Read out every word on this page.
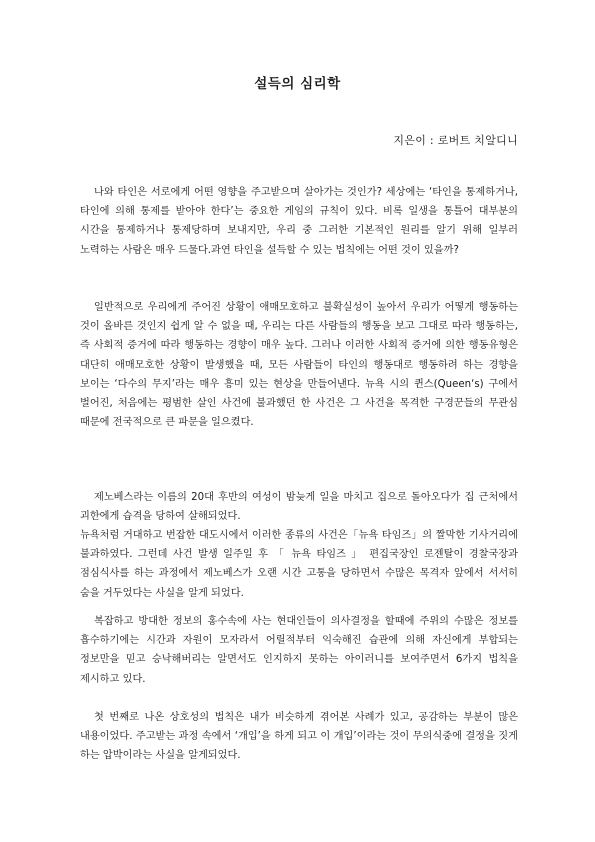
설득의 심리학
지은이 : 로버트 치알디니

나와 타인은 서로에게 어떤 영향을 주고받으며 살아가는 것인가? 세상에는 ‘타인을 통제하거나, 타인에 의해 통제를 받아야 한다’는 중요한 게임의 규칙이 있다. 비록 일생을 통틀어 대부분의 시간을 통제하거나 통제당하며 보내지만, 우리 중 그러한 기본적인 원리를 알기 위해 일부러 노력하는 사람은 매우 드물다.과연 타인을 설득할 수 있는 법칙에는 어떤 것이 있을까?

일반적으로 우리에게 주어진 상황이 애매모호하고 불확실성이 높아서 우리가 어떻게 행동하는 것이 올바른 것인지 쉽게 알 수 없을 때, 우리는 다른 사람들의 행동을 보고 그대로 따라 행동하는, 즉 사회적 증거에 따라 행동하는 경향이 매우 높다. 그러나 이러한 사회적 증거에 의한 행동유형은 대단히 애매모호한 상황이 발생했을 때, 모든 사람들이 타인의 행동대로 행동하려 하는 경향을 보이는 ‘다수의 무지’라는 매우 흥미 있는 현상을 만들어낸다. 뉴욕 시의 퀸스(Queen‘s) 구에서 벌어진, 처음에는 평범한 살인 사건에 불과했던 한 사건은 그 사건을 목격한 구경꾼들의 무관심 때문에 전국적으로 큰 파문을 일으켰다.

제노베스라는 이름의 20대 후반의 여성이 밤늦게 일을 마치고 집으로 돌아오다가 집 근처에서 괴한에게 습격을 당하여 살해되었다.

뉴욕처럼 거대하고 번잡한 대도시에서 이러한 종류의 사건은「뉴욕 타임즈」의 짤막한 기사거리에 불과하였다. 그런데 사건 발생 일주일 후 「 뉴욕 타임즈 」 편집국장인 로젠탈이 경찰국장과 점심식사를 하는 과정에서 제노베스가 오랜 시간 고통을 당하면서 수많은 목격자 앞에서 서서히 숨을 거두었다는 사실을 알게 되었다.

복잡하고 방대한 정보의 홍수속에 사는 현대인들이 의사결정을 할때에 주위의 수많은 정보를 흡수하기에는 시간과 자원이 모자라서 어릴적부터 익숙해진 습관에 의해 자신에게 부합되는 정보만을 믿고 승낙해버리는 알면서도 인지하지 못하는 아이러니를 보여주면서 6가지 법칙을 제시하고 있다.

첫 번째로 나온 상호성의 법칙은 내가 비슷하게 겪어본 사례가 있고, 공감하는 부분이 많은 내용이었다. 주고받는 과정 속에서 ‘개입’을 하게 되고 이 개입’이라는 것이 무의식중에 결정을 짓게 하는 압박이라는 사실을 알게되었다.
